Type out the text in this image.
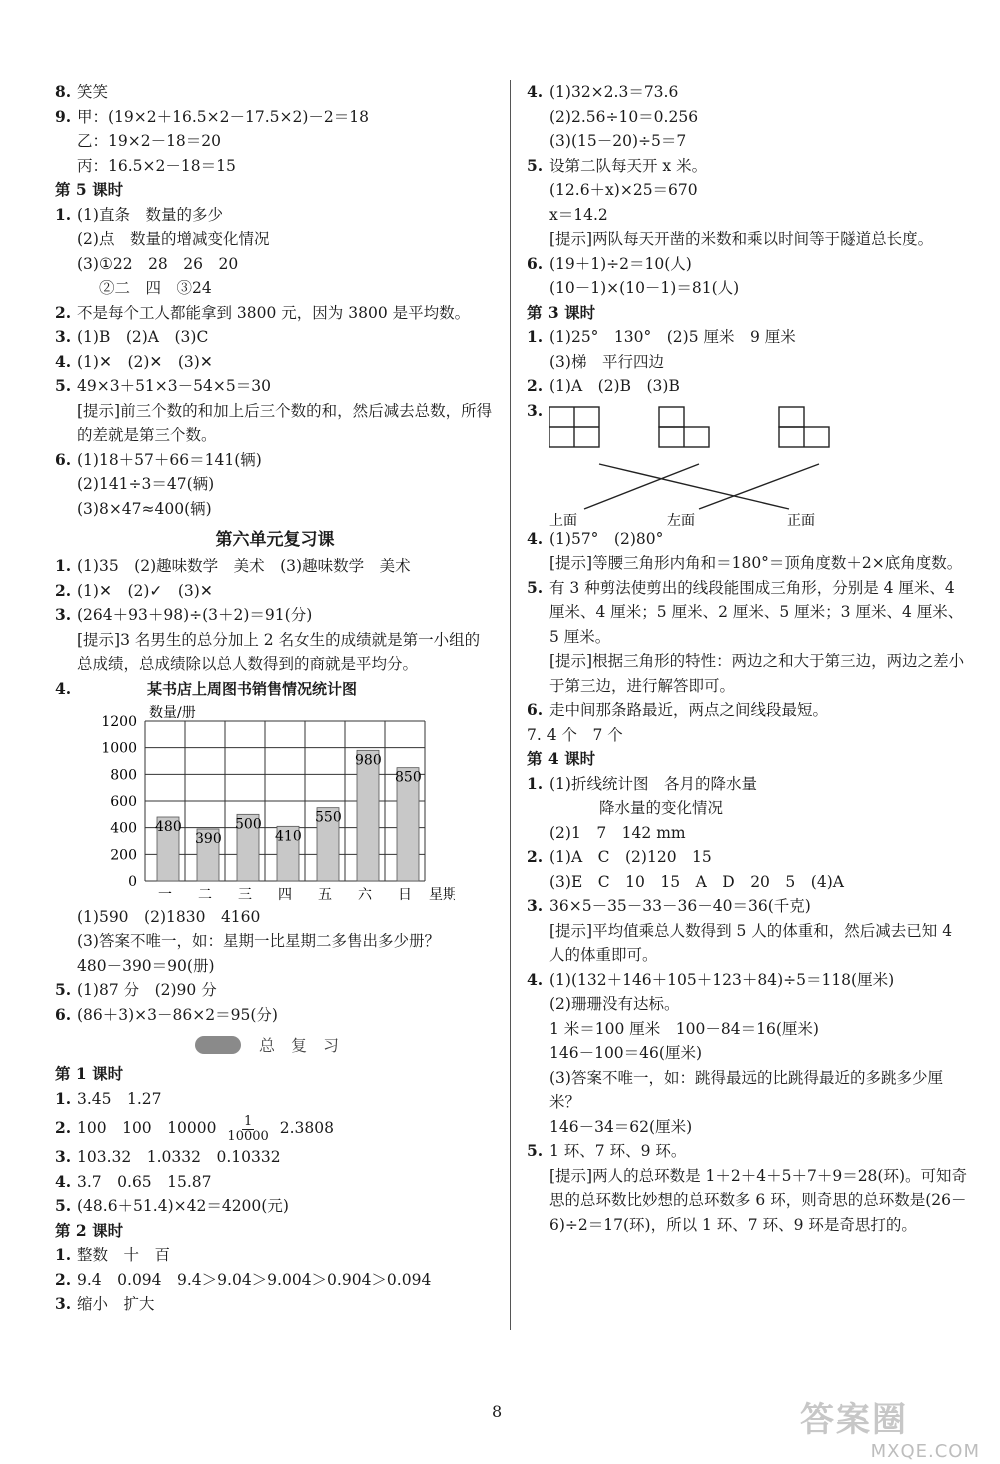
8. 笑笑
9. 甲：(19×2＋16.5×2－17.5×2)－2＝18
乙：19×2－18＝20
丙：16.5×2－18＝15
第 5 课时
1. (1)直条　数量的多少
(2)点　数量的增减变化情况
(3)①22　28　26　20
②二　四　③24
2. 不是每个工人都能拿到 3800 元，因为 3800 是平均数。
3. (1)B　(2)A　(3)C
4. (1)✕　(2)✕　(3)✕
5. 49×3＋51×3－54×5＝30
[提示]前三个数的和加上后三个数的和，然后减去总数，所得的差就是第三个数。
6. (1)18＋57＋66＝141(辆)
(2)141÷3＝47(辆)
(3)8×47≈400(辆)
第六单元复习课
1. (1)35　(2)趣味数学　美术　(3)趣味数学　美术
2. (1)✕　(2)✓　(3)✕
3. (264＋93＋98)÷(3＋2)＝91(分)
[提示]3 名男生的总分加上 2 名女生的成绩就是第一小组的总成绩，总成绩除以总人数得到的商就是平均分。
4.	某书店上周图书销售情况统计图
0
200
400
600
800
1000
1200
数量/册
480
一
390
二
500
三
410
四
550
五
980
六
850
日 星期
(1)590　(2)1830　4160
(3)答案不唯一，如：星期一比星期二多售出多少册？
480－390＝90(册)
5. (1)87 分　(2)90 分
6. (86＋3)×3－86×2＝95(分)
总复习
第 1 课时
1. 3.45　1.27
2. 100　100　$10000 \frac{1}{10000} 2.3808$
3. 103.32　1.0332　0.10332
4. 3.7　0.65　15.87
5. (48.6＋51.4)×42＝4200(元)
第 2 课时
1. 整数　十　百
2. 9.4　0.094　9.4＞9.04＞9.004＞0.904＞0.094
3. 缩小　扩大
4. (1)32×2.3＝73.6
(2)2.56÷10＝0.256
(3)(15－20)÷5＝7
5. 设第二队每天开 x 米。
(12.6＋x)×25＝670
x＝14.2
[提示]两队每天开凿的米数和乘以时间等于隧道总长度。
6. (19＋1)÷2＝10(人)
(10－1)×(10－1)＝81(人)
第 3 课时
1. (1)25°　130°　(2)5 厘米　9 厘米
(3)梯　平行四边
2. (1)A　(2)B　(3)B
3.
上面	左面	正面
4. (1)57°　(2)80°
[提示]等腰三角形内角和＝180°＝顶角度数＋2×底角度数。
5. 有 3 种剪法使剪出的线段能围成三角形，分别是 4 厘米、4 厘米、4 厘米；5 厘米、2 厘米、5 厘米；3 厘米、4 厘米、5 厘米。
[提示]根据三角形的特性：两边之和大于第三边，两边之差小于第三边，进行解答即可。
6. 走中间那条路最近，两点之间线段最短。
7. 4 个　7 个
第 4 课时
1. (1)折线统计图　各月的降水量
降水量的变化情况
(2)1　7　142 mm
2. (1)A　C　(2)120　15
(3)E　C　10　15　A　D　20　5　(4)A
3. 36×5－35－33－36－40＝36(千克)
[提示]平均值乘总人数得到 5 人的体重和，然后减去已知 4 人的体重即可。
4. (1)(132＋146＋105＋123＋84)÷5＝118(厘米)
(2)珊珊没有达标。
1 米＝100 厘米　100－84＝16(厘米)
146－100＝46(厘米)
(3)答案不唯一，如：跳得最远的比跳得最近的多跳多少厘米？
146－34＝62(厘米)
5. 1 环、7 环、9 环。
[提示]两人的总环数是 1＋2＋4＋5＋7＋9＝28(环)。可知奇思的总环数比妙想的总环数多 6 环，则奇思的总环数是(26－6)÷2＝17(环)，所以 1 环、7 环、9 环是奇思打的。
8	答案圈
MXQE.COM
